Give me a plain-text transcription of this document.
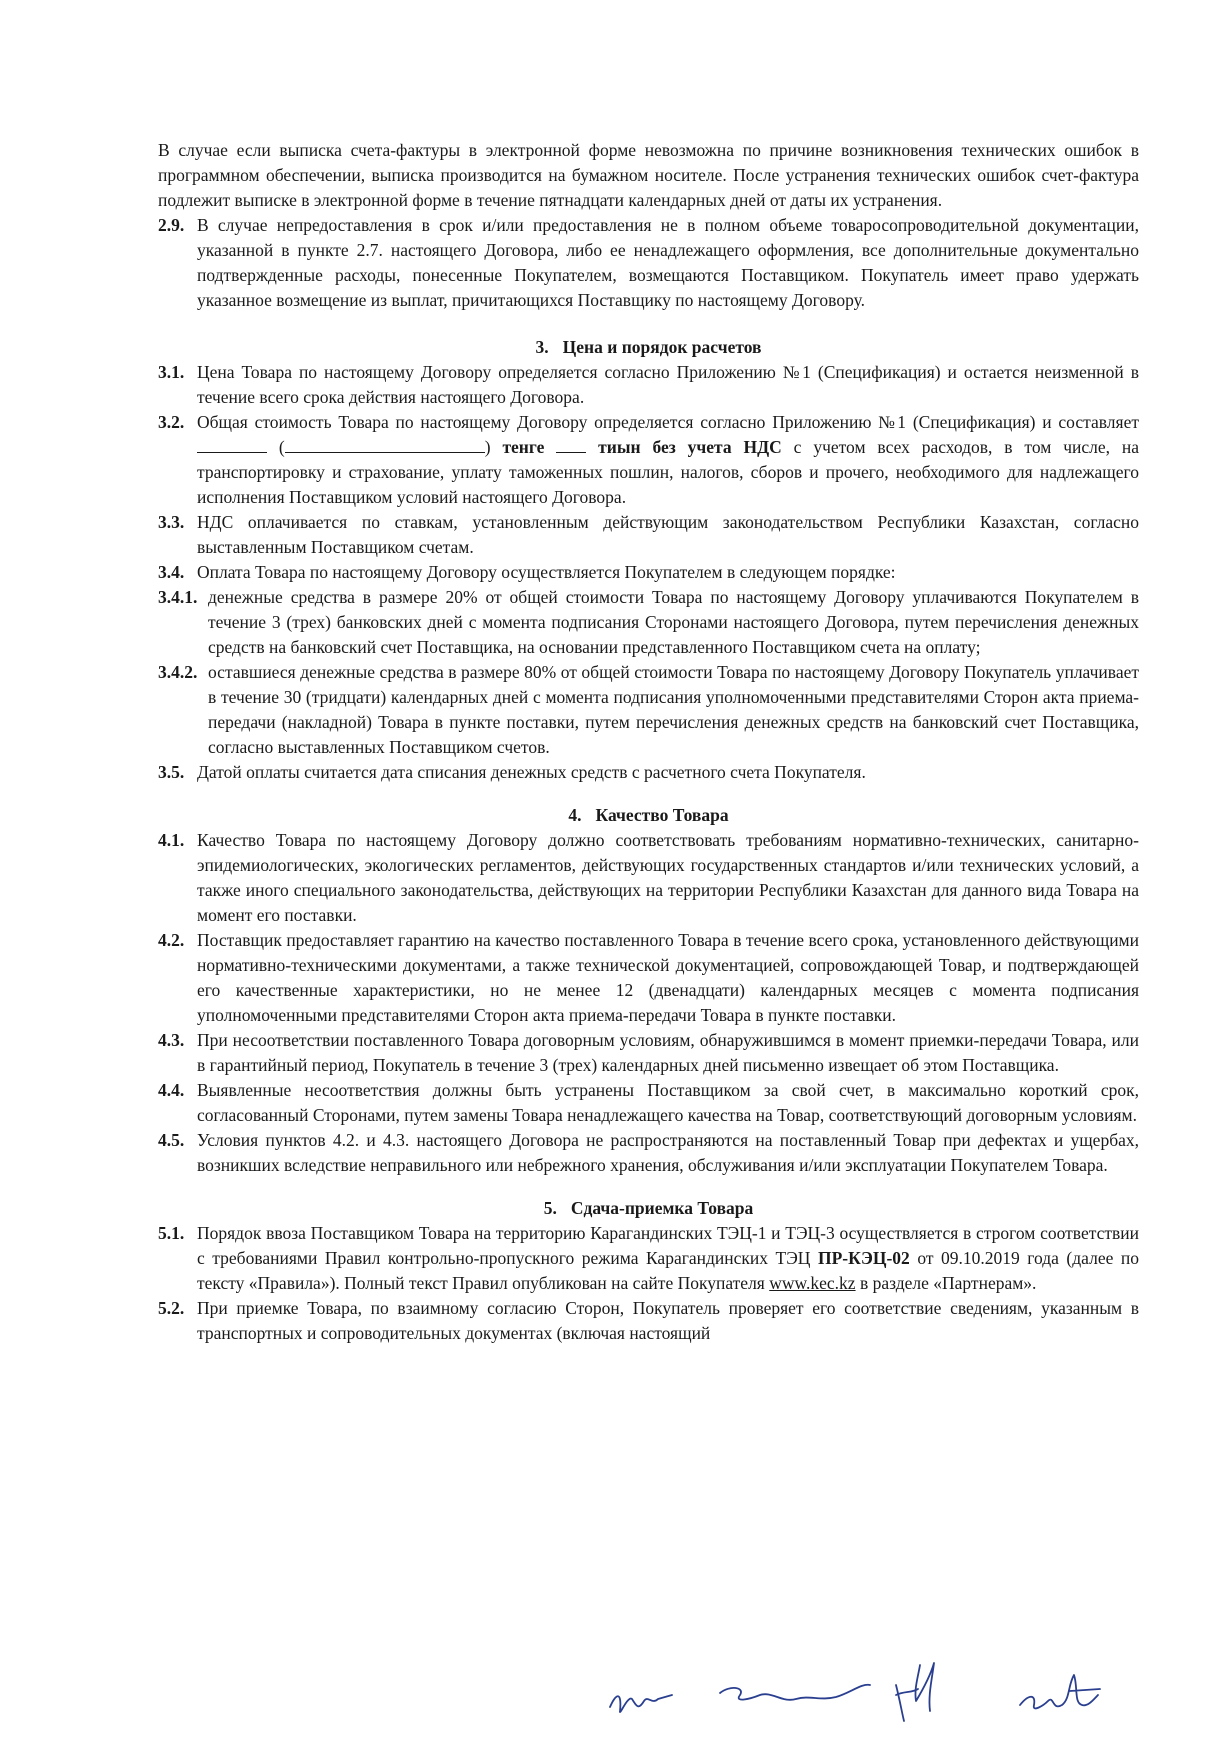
В случае если выписка счета-фактуры в электронной форме невозможна по причине возникновения технических ошибок в программном обеспечении, выписка производится на бумажном носителе. После устранения технических ошибок счет-фактура подлежит выписке в электронной форме в течение пятнадцати календарных дней от даты их устранения.

2.9. В случае непредоставления в срок и/или предоставления не в полном объеме товаросопроводительной документации, указанной в пункте 2.7. настоящего Договора, либо ее ненадлежащего оформления, все дополнительные документально подтвержденные расходы, понесенные Покупателем, возмещаются Поставщиком. Покупатель имеет право удержать указанное возмещение из выплат, причитающихся Поставщику по настоящему Договору.
3. Цена и порядок расчетов
3.1. Цена Товара по настоящему Договору определяется согласно Приложению №1 (Спецификация) и остается неизменной в течение всего срока действия настоящего Договора.
3.2. Общая стоимость Товара по настоящему Договору определяется согласно Приложению №1 (Спецификация) и составляет  (	) тенге	тиын без учета НДС с учетом всех расходов, в том числе, на транспортировку и страхование, уплату таможенных пошлин, налогов, сборов и прочего, необходимого для надлежащего исполнения Поставщиком условий настоящего Договора.
3.3. НДС оплачивается по ставкам, установленным действующим законодательством Республики Казахстан, согласно выставленным Поставщиком счетам.
3.4. Оплата Товара по настоящему Договору осуществляется Покупателем в следующем порядке:
3.4.1. денежные средства в размере 20% от общей стоимости Товара по настоящему Договору уплачиваются Покупателем в течение 3 (трех) банковских дней с момента подписания Сторонами настоящего Договора, путем перечисления денежных средств на банковский счет Поставщика, на основании представленного Поставщиком счета на оплату;
3.4.2. оставшиеся денежные средства в размере 80% от общей стоимости Товара по настоящему Договору Покупатель уплачивает в течение 30 (тридцати) календарных дней с момента подписания уполномоченными представителями Сторон акта приема-передачи (накладной) Товара в пункте поставки, путем перечисления денежных средств на банковский счет Поставщика, согласно выставленных Поставщиком счетов.
3.5. Датой оплаты считается дата списания денежных средств с расчетного счета Покупателя.
4. Качество Товара
4.1. Качество Товара по настоящему Договору должно соответствовать требованиям нормативно-технических, санитарно-эпидемиологических, экологических регламентов, действующих государственных стандартов и/или технических условий, а также иного специального законодательства, действующих на территории Республики Казахстан для данного вида Товара на момент его поставки.
4.2. Поставщик предоставляет гарантию на качество поставленного Товара в течение всего срока, установленного действующими нормативно-техническими документами, а также технической документацией, сопровождающей Товар, и подтверждающей его качественные характеристики, но не менее 12 (двенадцати) календарных месяцев с момента подписания уполномоченными представителями Сторон акта приема-передачи Товара в пункте поставки.
4.3. При несоответствии поставленного Товара договорным условиям, обнаружившимся в момент приемки-передачи Товара, или в гарантийный период, Покупатель в течение 3 (трех) календарных дней письменно извещает об этом Поставщика.
4.4. Выявленные несоответствия должны быть устранены Поставщиком за свой счет, в максимально короткий срок, согласованный Сторонами, путем замены Товара ненадлежащего качества на Товар, соответствующий договорным условиям.
4.5. Условия пунктов 4.2. и 4.3. настоящего Договора не распространяются на поставленный Товар при дефектах и ущербах, возникших вследствие неправильного или небрежного хранения, обслуживания и/или эксплуатации Покупателем Товара.
5. Сдача-приемка Товара
5.1. Порядок ввоза Поставщиком Товара на территорию Карагандинских ТЭЦ-1 и ТЭЦ-3 осуществляется в строгом соответствии с требованиями Правил контрольно-пропускного режима Карагандинских ТЭЦ ПР-КЭЦ-02 от 09.10.2019 года (далее по тексту «Правила»). Полный текст Правил опубликован на сайте Покупателя www.kec.kz в разделе «Партнерам».
5.2. При приемке Товара, по взаимному согласию Сторон, Покупатель проверяет его соответствие сведениям, указанным в транспортных и сопроводительных документах (включая настоящий
